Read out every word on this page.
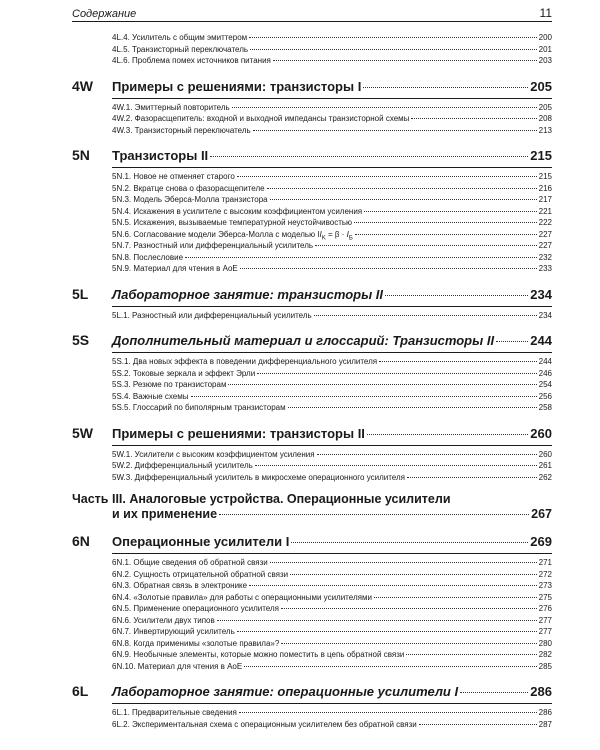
Содержание	11
4L.4. Усилитель с общим эмиттером	200
4L.5. Транзисторный переключатель	201
4L.6. Проблема помех источников питания	203
4W	Примеры с решениями: транзисторы I	205
4W.1. Эмиттерный повторитель	205
4W.2. Фазорасщепитель: входной и выходной импедансы транзисторной схемы	208
4W.3. Транзисторный переключатель	213
5N	Транзисторы II	215
5N.1. Новое не отменяет старого	215
5N.2. Вкратце снова о фазорасщепителе	216
5N.3. Модель Эберса-Молла транзистора	217
5N.4. Искажения в усилителе с высоким коэффициентом усиления	221
5N.5. Искажения, вызываемые температурной неустойчивостью	222
5N.6. Согласование модели Эберса-Молла с моделью I $I_K = \beta \cdot I_Б$	227
5N.7. Разностный или дифференциальный усилитель	227
5N.8. Послесловие	232
5N.9. Материал для чтения в AoE	233
5L	Лабораторное занятие: транзисторы II	234
5L.1. Разностный или дифференциальный усилитель	234
5S	Дополнительный материал и глоссарий: Транзисторы II	244
5S.1. Два новых эффекта в поведении дифференциального усилителя	244
5S.2. Токовые зеркала и эффект Эрли	246
5S.3. Резюме по транзисторам	254
5S.4. Важные схемы	256
5S.5. Глоссарий по биполярным транзисторам	258
5W	Примеры с решениями: транзисторы II	260
5W.1. Усилители с высоким коэффициентом усиления	260
5W.2. Дифференциальный усилитель	261
5W.3. Дифференциальный усилитель в микросхеме операционного усилителя	262
Часть III. Аналоговые устройства. Операционные усилители
и их применение	267
6N	Операционные усилители I	269
6N.1. Общие сведения об обратной связи	271
6N.2. Сущность отрицательной обратной связи	272
6N.3. Обратная связь в электронике	273
6N.4. «Золотые правила» для работы с операционными усилителями	275
6N.5. Применение операционного усилителя	276
6N.6. Усилители двух типов	277
6N.7. Инвертирующий усилитель	277
6N.8. Когда применимы «золотые правила»?	280
6N.9. Необычные элементы, которые можно поместить в цепь обратной связи	282
6N.10. Материал для чтения в AoE	285
6L	Лабораторное занятие: операционные усилители I	286
6L.1. Предварительные сведения	286
6L.2. Экспериментальная схема с операционным усилителем без обратной связи	287
